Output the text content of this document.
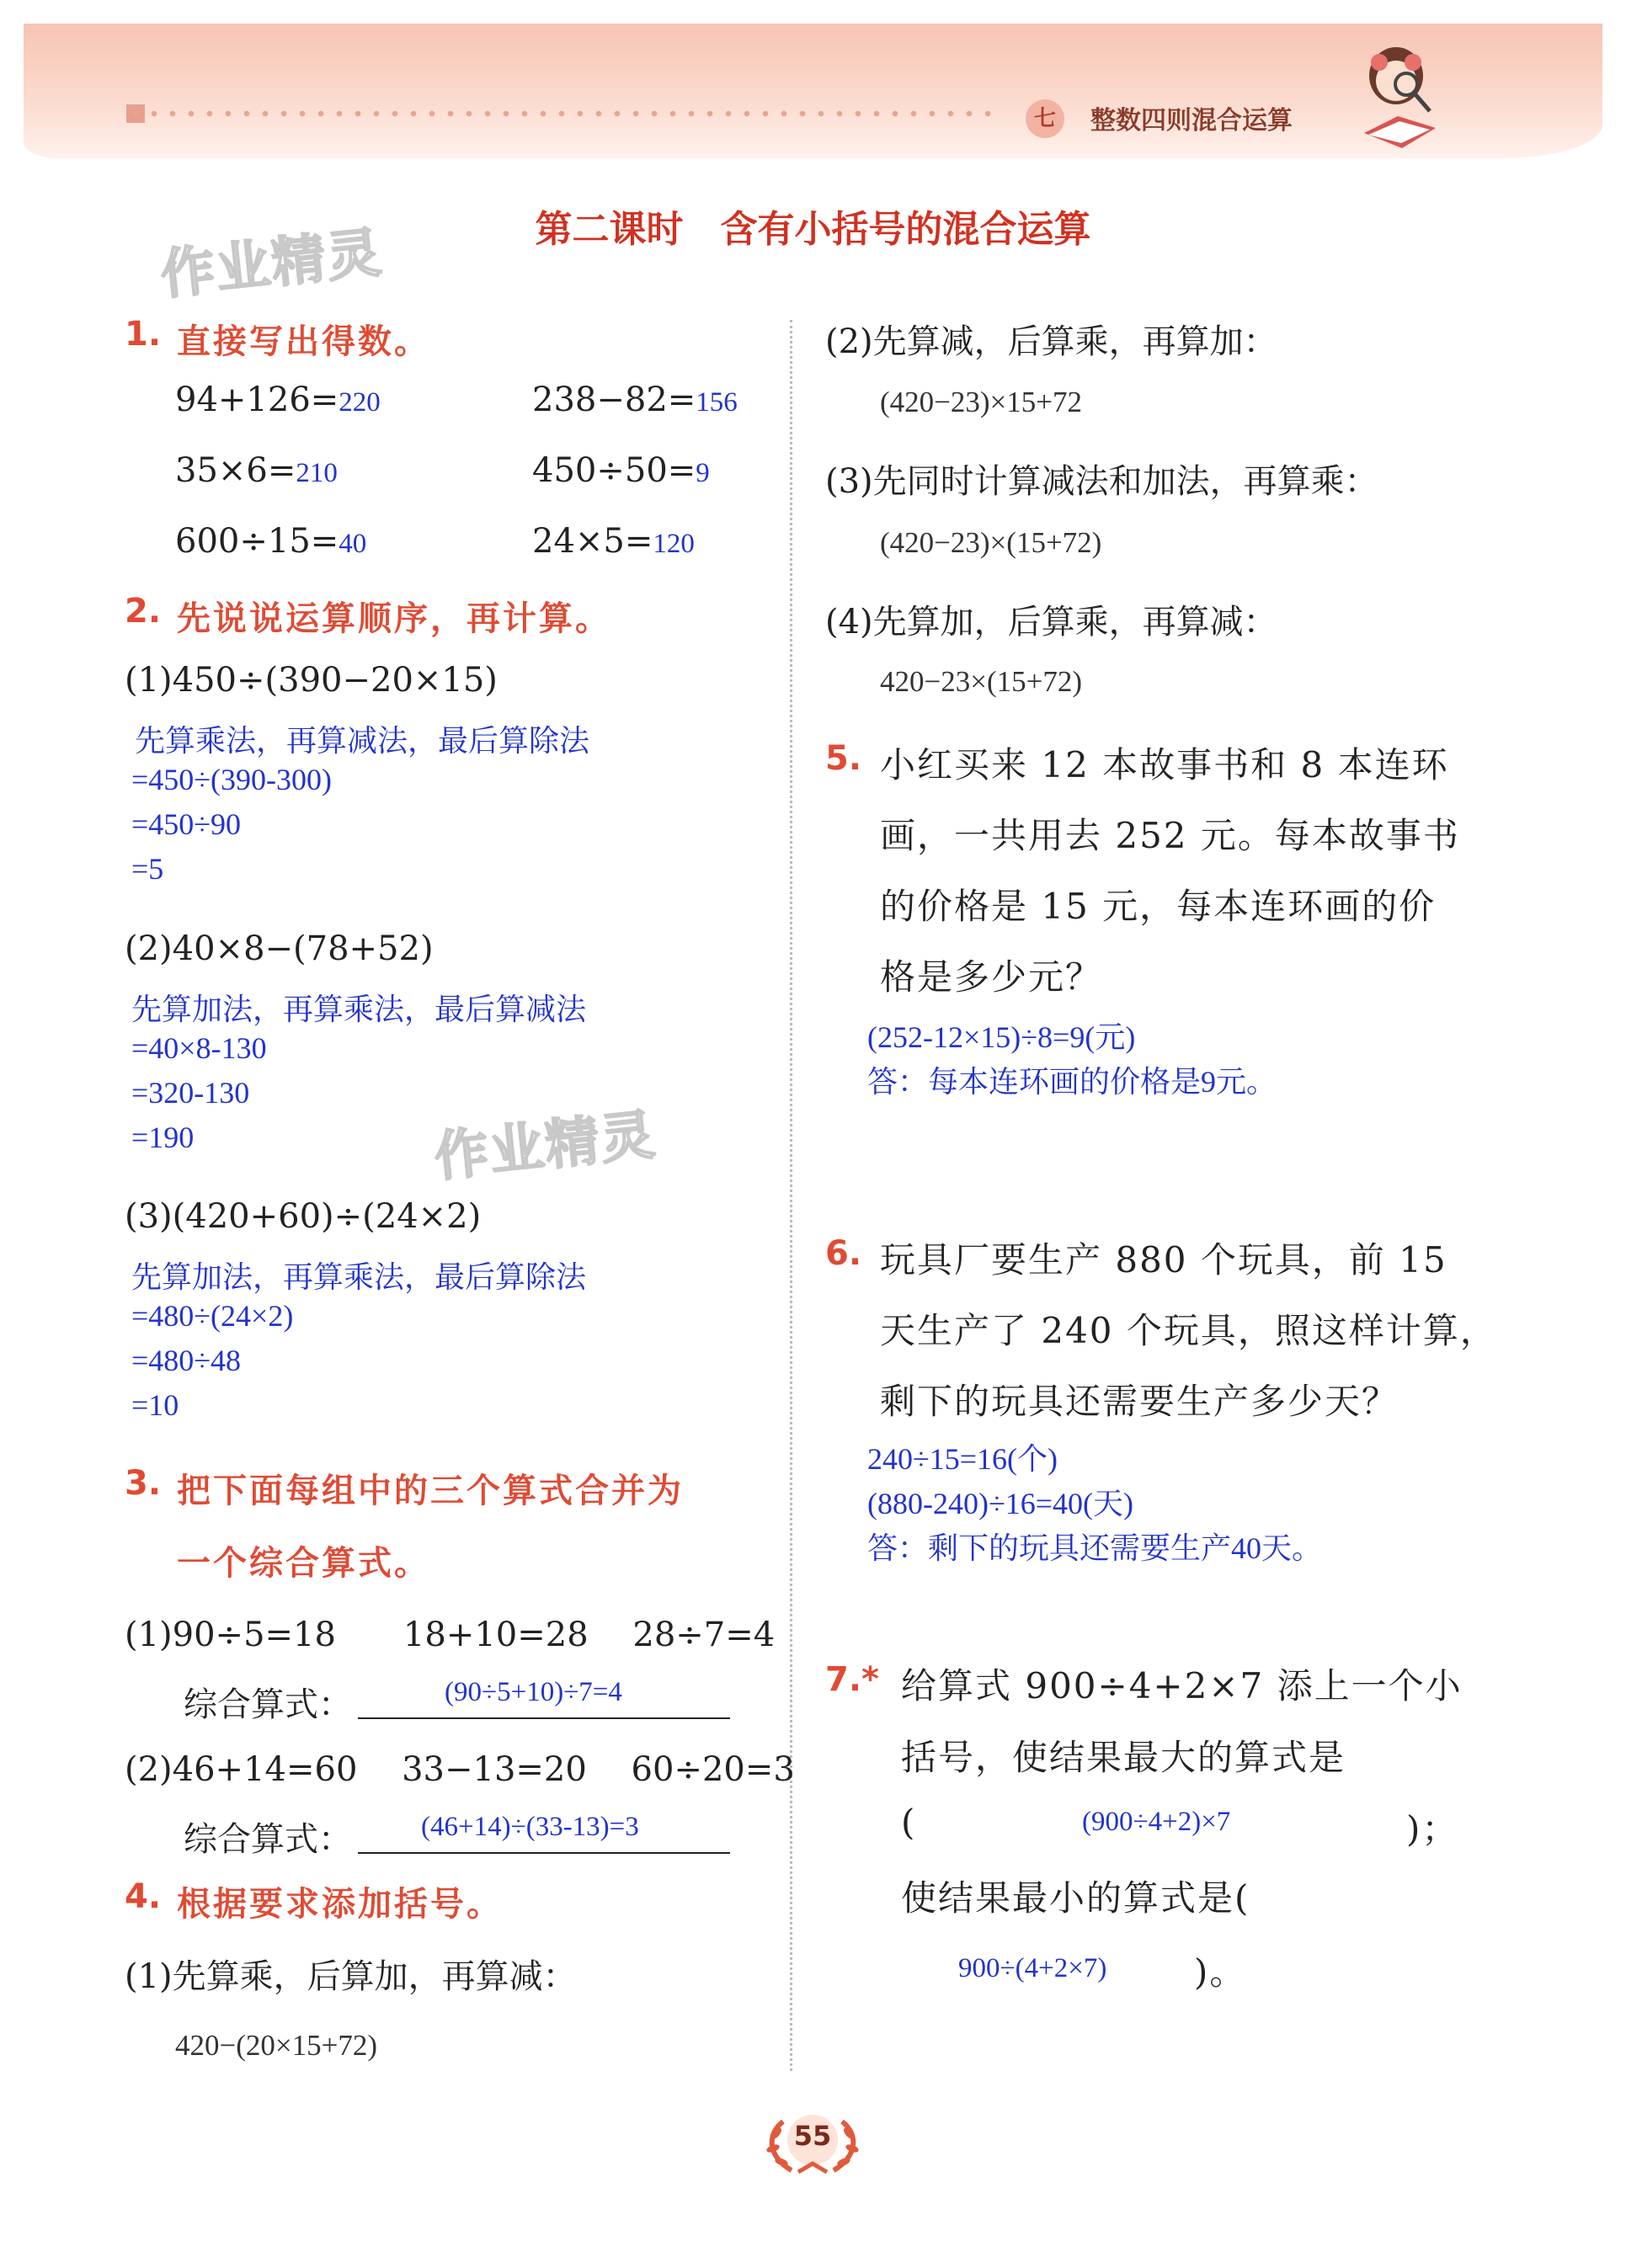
七	整数四则混合运算
第二课时　含有小括号的混合运算
作业精灵
作业精灵
1. 直接写出得数。
94+126=220	238−82=156
35×6=210	450÷50=9
600÷15=40	24×5=120
2. 先说说运算顺序，再计算。
(1)450÷(390−20×15)
先算乘法，再算减法，最后算除法
=450÷(390-300)
=450÷90
=5
(2)40×8−(78+52)
先算加法，再算乘法，最后算减法
=40×8-130
=320-130
=190
(3)(420+60)÷(24×2)
先算加法，再算乘法，最后算除法
=480÷(24×2)
=480÷48
=10
3. 把下面每组中的三个算式合并为
一个综合算式。
(1)90÷5=18　　18+10=28　 28÷7=4
综合算式：	(90÷5+10)÷7=4
(2)46+14=60　 33−13=20　 60÷20=3
综合算式： (46+14)÷(33-13)=3
4. 根据要求添加括号。
(1)先算乘，后算加，再算减：
420−(20×15+72)
(2)先算减，后算乘，再算加：
(420−23)×15+72
(3)先同时计算减法和加法，再算乘：
(420−23)×(15+72)
(4)先算加，后算乘，再算减：
420−23×(15+72)
5. 小红买来 12 本故事书和 8 本连环
画，一共用去 252 元。每本故事书
的价格是 15 元，每本连环画的价
格是多少元？
(252-12×15)÷8=9(元)
答：每本连环画的价格是9元。
6. 玩具厂要生产 880 个玩具，前 15
天生产了 240 个玩具，照这样计算，
剩下的玩具还需要生产多少天？
240÷15=16(个)
(880-240)÷16=40(天)
答：剩下的玩具还需要生产40天。
7.* 给算式 900÷4+2×7 添上一个小
括号，使结果最大的算式是
(	(900÷4+2)×7	)；
使结果最小的算式是(
900÷(4+2×7) )。
55
